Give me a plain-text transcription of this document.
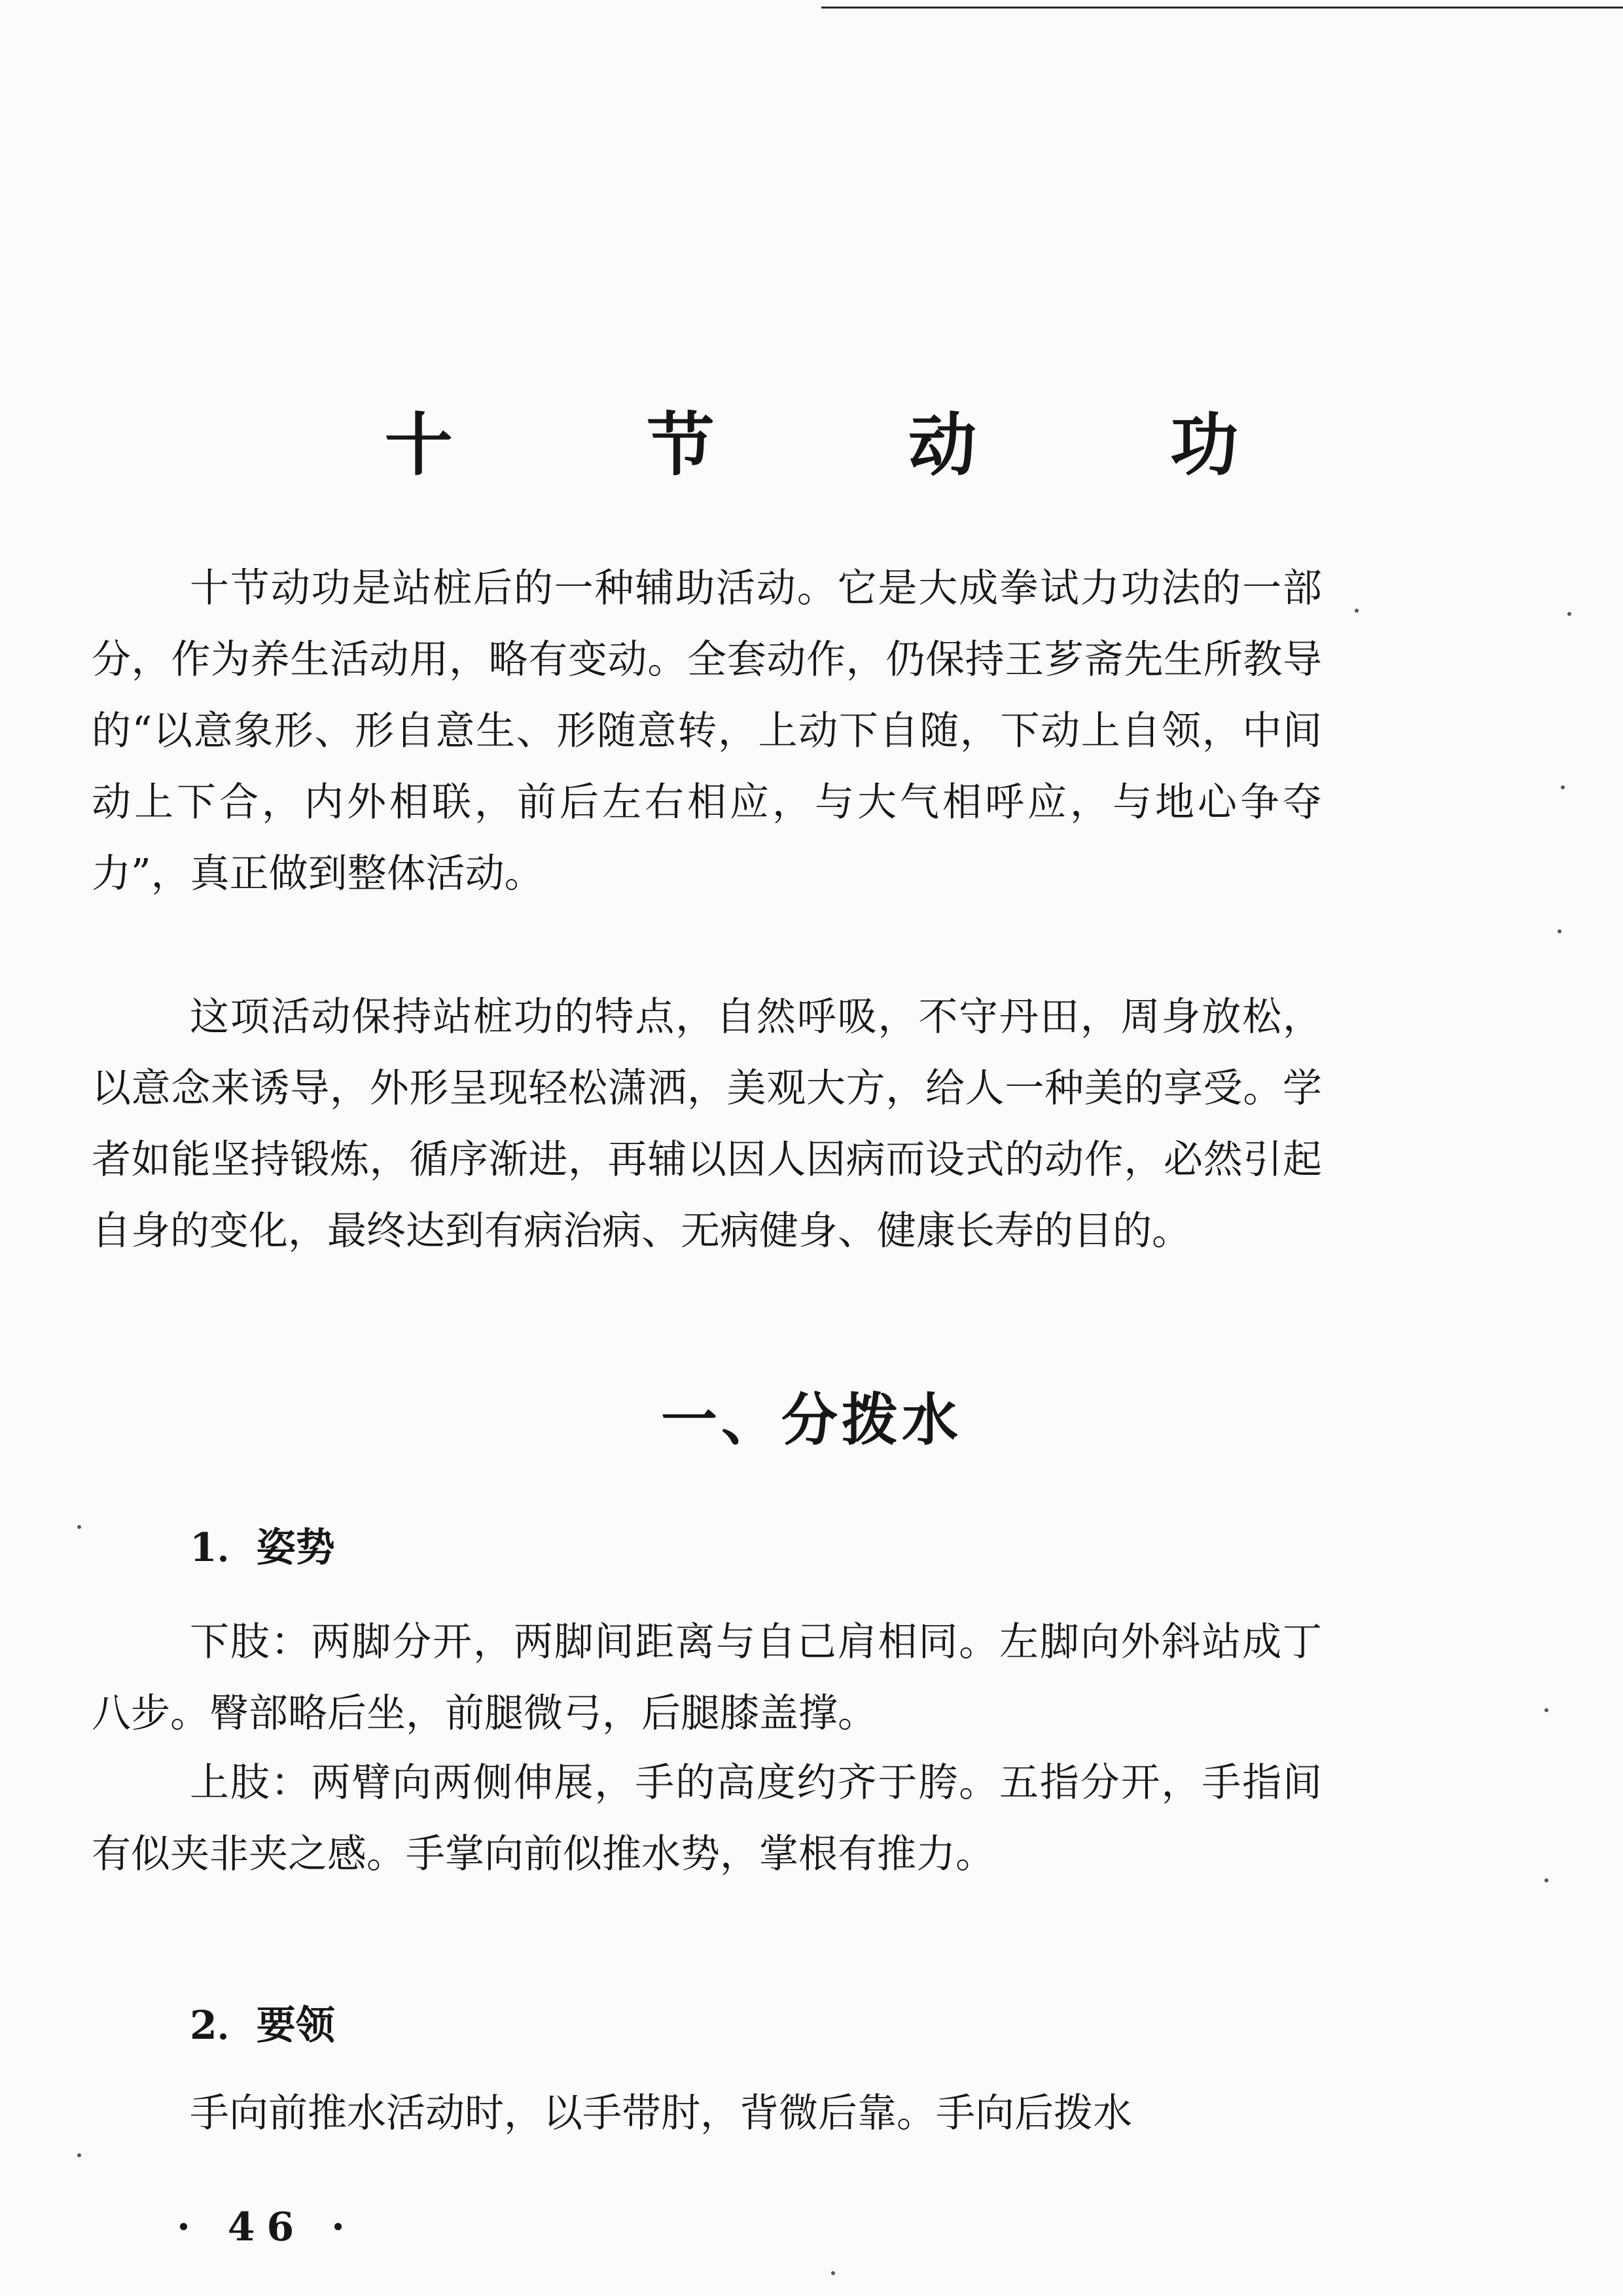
十 节 动 功

十节动功是站桩后的一种辅助活动。它是大成拳试力功法的一部分，作为养生活动用，略有变动。全套动作，仍保持王芗斋先生所教导的“以意象形、形自意生、形随意转，上动下自随，下动上自领，中间动上下合，内外相联，前后左右相应，与大气相呼应，与地心争夺力”，真正做到整体活动。

这项活动保持站桩功的特点，自然呼吸，不守丹田，周身放松，以意念来诱导，外形呈现轻松潇洒，美观大方，给人一种美的享受。学者如能坚持锻炼，循序渐进，再辅以因人因病而设式的动作，必然引起自身的变化，最终达到有病治病、无病健身、健康长寿的目的。

一、分拨水
1．姿势

下肢：两脚分开，两脚间距离与自己肩相同。左脚向外斜站成丁八步。臀部略后坐，前腿微弓，后腿膝盖撑。

上肢：两臂向两侧伸展，手的高度约齐于胯。五指分开，手指间有似夹非夹之感。手掌向前似推水势，掌根有推力。

2．要领

手向前推水活动时，以手带肘，背微后靠。手向后拨水

· 46 ·
